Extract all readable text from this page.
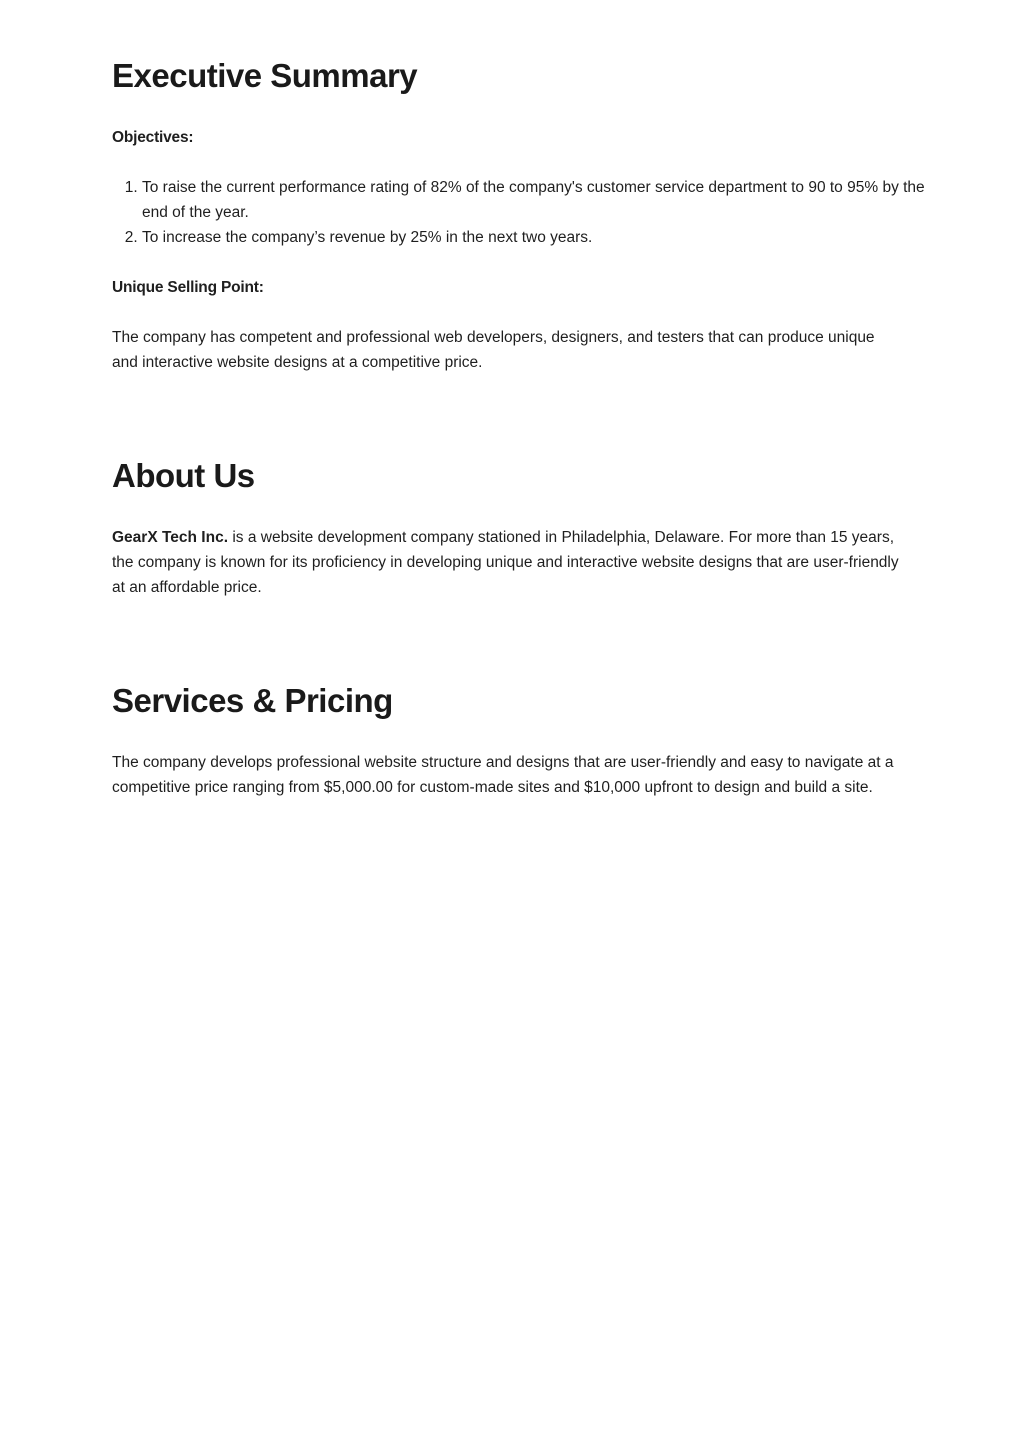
Executive Summary
Objectives:
1. To raise the current performance rating of 82% of the company's customer service department to 90 to 95% by the end of the year.
2. To increase the company’s revenue by 25% in the next two years.
Unique Selling Point:

The company has competent and professional web developers, designers, and testers that can produce unique and interactive website designs at a competitive price.

About Us

GearX Tech Inc. is a website development company stationed in Philadelphia, Delaware. For more than 15 years, the company is known for its proficiency in developing unique and interactive website designs that are user-friendly at an affordable price.

Services & Pricing

The company develops professional website structure and designs that are user-friendly and easy to navigate at a competitive price ranging from $5,000.00 for custom-made sites and $10,000 upfront to design and build a site.
